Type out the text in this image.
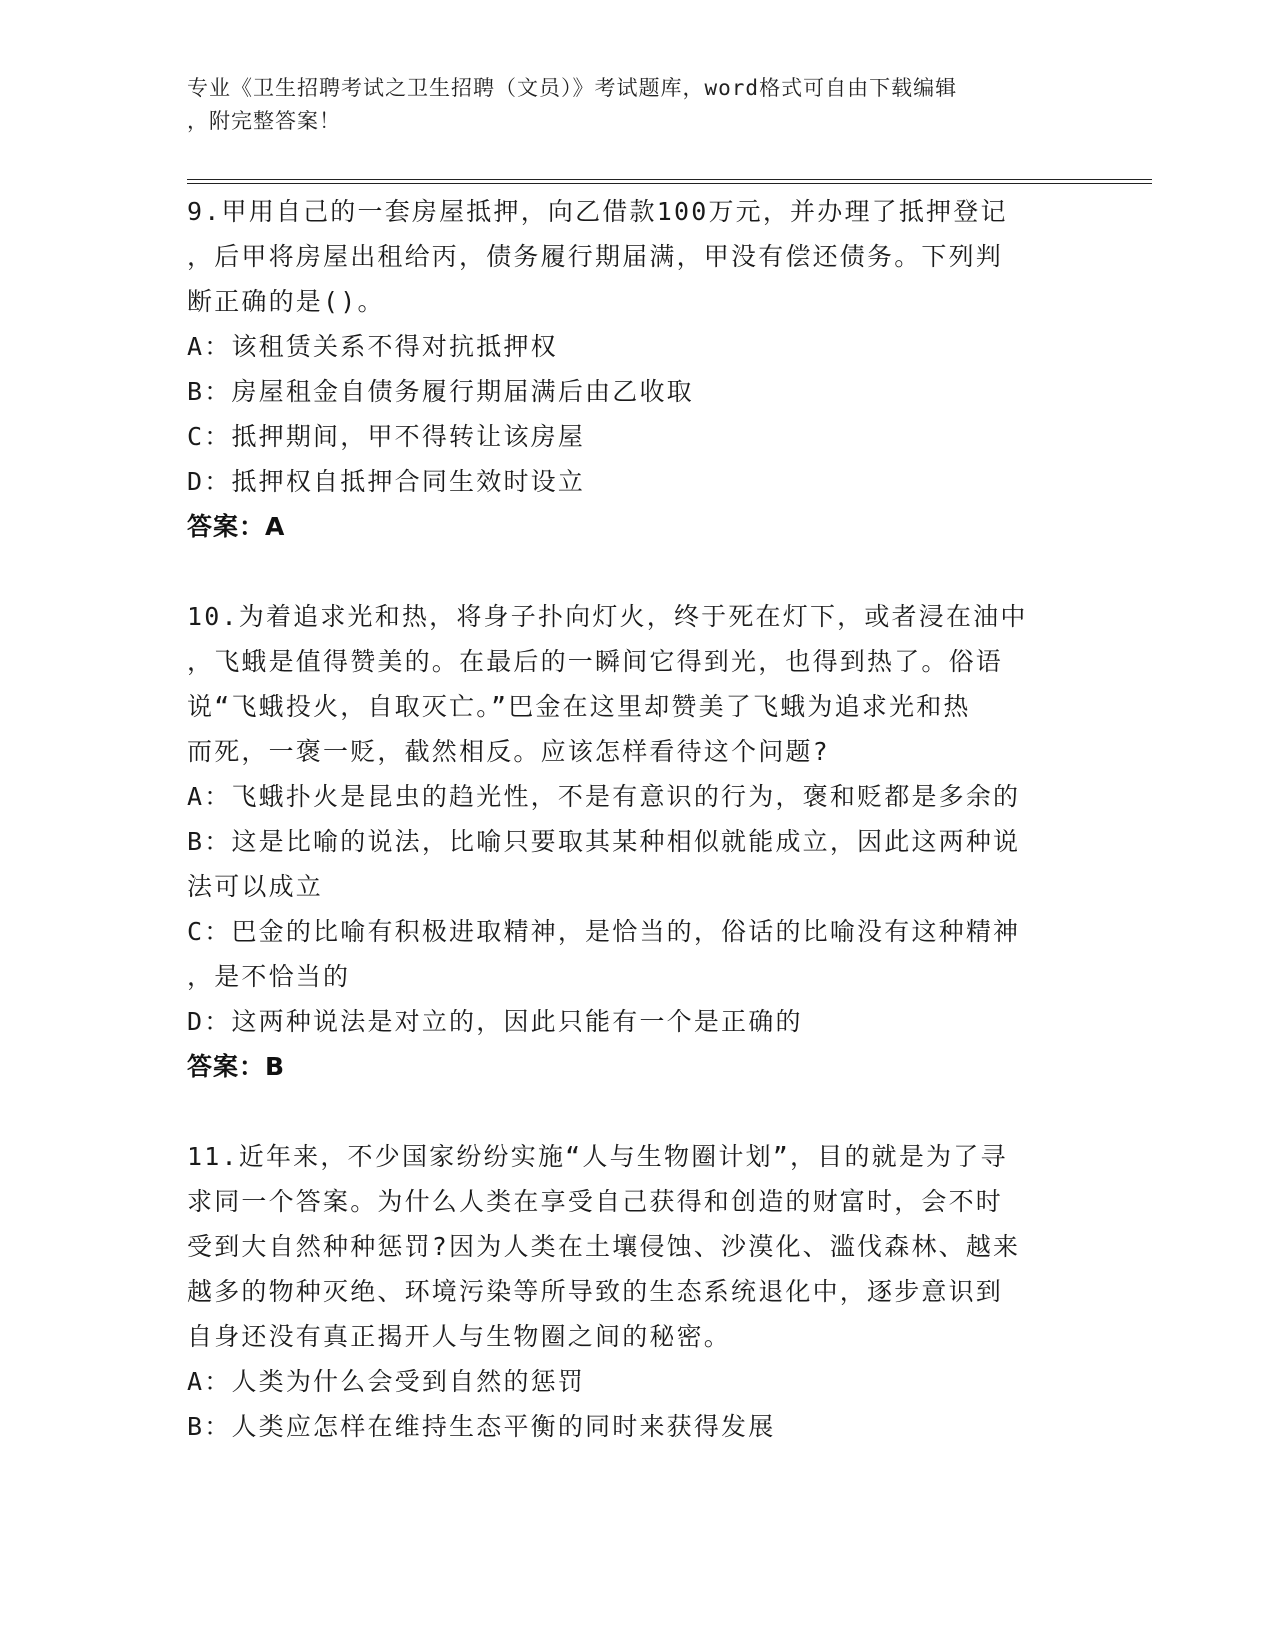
专业《卫生招聘考试之卫生招聘（文员）》考试题库，word格式可自由下载编辑
，附完整答案！
9.甲用自己的一套房屋抵押，向乙借款100万元，并办理了抵押登记
，后甲将房屋出租给丙，债务履行期届满，甲没有偿还债务。下列判
断正确的是()。
A：该租赁关系不得对抗抵押权
B：房屋租金自债务履行期届满后由乙收取
C：抵押期间，甲不得转让该房屋
D：抵押权自抵押合同生效时设立
答案：A
10.为着追求光和热，将身子扑向灯火，终于死在灯下，或者浸在油中
，飞蛾是值得赞美的。在最后的一瞬间它得到光，也得到热了。俗语
说“飞蛾投火，自取灭亡。”巴金在这里却赞美了飞蛾为追求光和热
而死，一褒一贬，截然相反。应该怎样看待这个问题?
A：飞蛾扑火是昆虫的趋光性，不是有意识的行为，褒和贬都是多余的
B：这是比喻的说法，比喻只要取其某种相似就能成立，因此这两种说
法可以成立
C：巴金的比喻有积极进取精神，是恰当的，俗话的比喻没有这种精神
，是不恰当的
D：这两种说法是对立的，因此只能有一个是正确的
答案：B
11.近年来，不少国家纷纷实施“人与生物圈计划”，目的就是为了寻
求同一个答案。为什么人类在享受自己获得和创造的财富时，会不时
受到大自然种种惩罚?因为人类在土壤侵蚀、沙漠化、滥伐森林、越来
越多的物种灭绝、环境污染等所导致的生态系统退化中，逐步意识到
自身还没有真正揭开人与生物圈之间的秘密。
A：人类为什么会受到自然的惩罚
B：人类应怎样在维持生态平衡的同时来获得发展
